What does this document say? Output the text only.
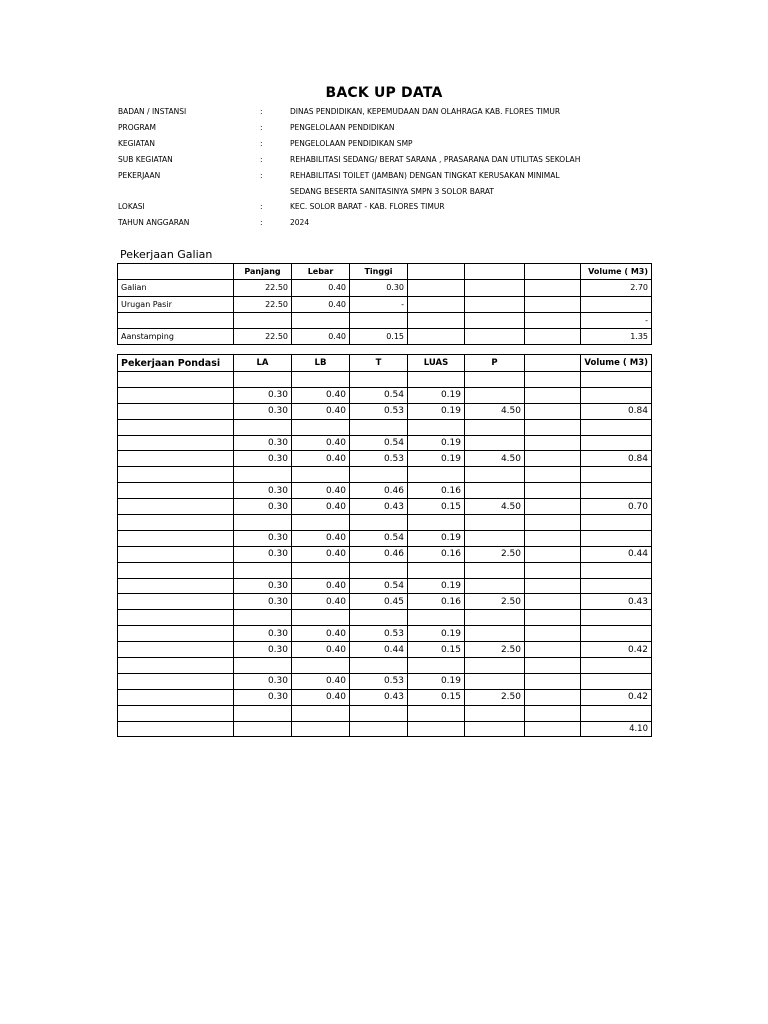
BACK UP DATA
BADAN / INSTANSI	:	DINAS PENDIDIKAN, KEPEMUDAAN DAN OLAHRAGA KAB. FLORES TIMUR
PROGRAM	:	PENGELOLAAN PENDIDIKAN
KEGIATAN	:	PENGELOLAAN PENDIDIKAN SMP
SUB KEGIATAN	:	REHABILITASI SEDANG/ BERAT SARANA , PRASARANA DAN UTILITAS SEKOLAH
PEKERJAAN	:	REHABILITASI TOILET (JAMBAN) DENGAN TINGKAT KERUSAKAN MINIMAL
SEDANG BESERTA SANITASINYA SMPN 3 SOLOR BARAT
LOKASI	:	KEC. SOLOR BARAT - KAB. FLORES TIMUR
TAHUN ANGGARAN	:	2024
Pekerjaan Galian
	Panjang	Lebar	Tinggi				Volume ( M3)
Galian	22.50	0.40	0.30				2.70
Urugan Pasir	22.50	0.40	-				
							-
Aanstamping	22.50	0.40	0.15				1.35
Pekerjaan Pondasi	LA	LB	T	LUAS	P		Volume ( M3)

	0.30	0.40	0.54	0.19			
	0.30	0.40	0.53	0.19	4.50		0.84

	0.30	0.40	0.54	0.19			
	0.30	0.40	0.53	0.19	4.50		0.84

	0.30	0.40	0.46	0.16			
	0.30	0.40	0.43	0.15	4.50		0.70

	0.30	0.40	0.54	0.19			
	0.30	0.40	0.46	0.16	2.50		0.44

	0.30	0.40	0.54	0.19			
	0.30	0.40	0.45	0.16	2.50		0.43

	0.30	0.40	0.53	0.19			
	0.30	0.40	0.44	0.15	2.50		0.42

	0.30	0.40	0.53	0.19			
	0.30	0.40	0.43	0.15	2.50		0.42

							4.10
